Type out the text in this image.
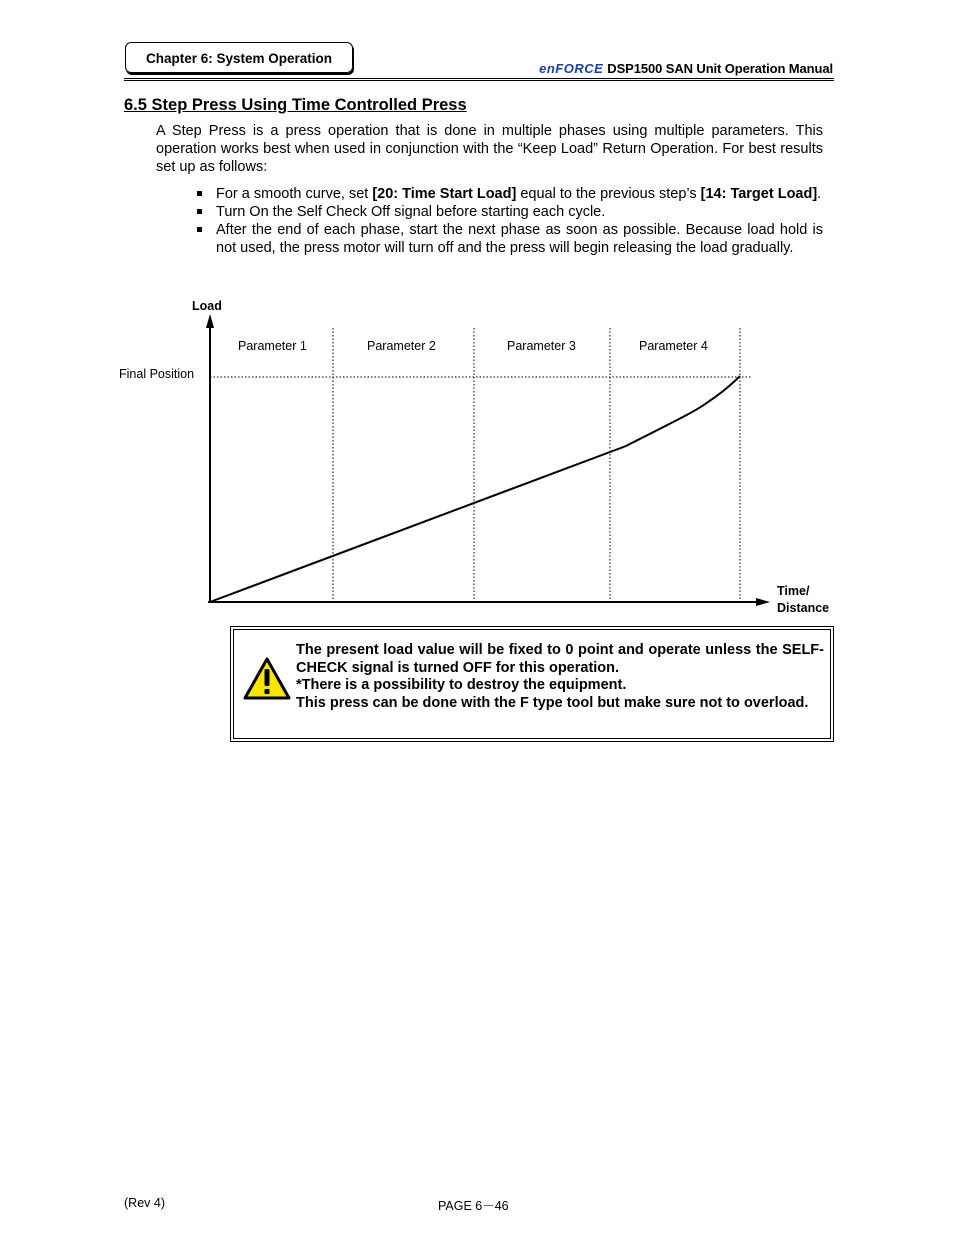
Chapter 6: System Operation
enFORCE DSP1500 SAN Unit Operation Manual
6.5 Step Press Using Time Controlled Press
A Step Press is a press operation that is done in multiple phases using multiple parameters. This operation works best when used in conjunction with the “Keep Load” Return Operation. For best results set up as follows:
For a smooth curve, set [20: Time Start Load] equal to the previous step’s [14: Target Load].
Turn On the Self Check Off signal before starting each cycle.
After the end of each phase, start the next phase as soon as possible. Because load hold is not used, the press motor will turn off and the press will begin releasing the load gradually.
Load
Final Position
Parameter 1	Parameter 2	Parameter 3	Parameter 4
Time/
Distance
The present load value will be fixed to 0 point and operate unless the SELF-CHECK signal is turned OFF for this operation.
*There is a possibility to destroy the equipment.
This press can be done with the F type tool but make sure not to overload.
(Rev 4)	PAGE 6－46
